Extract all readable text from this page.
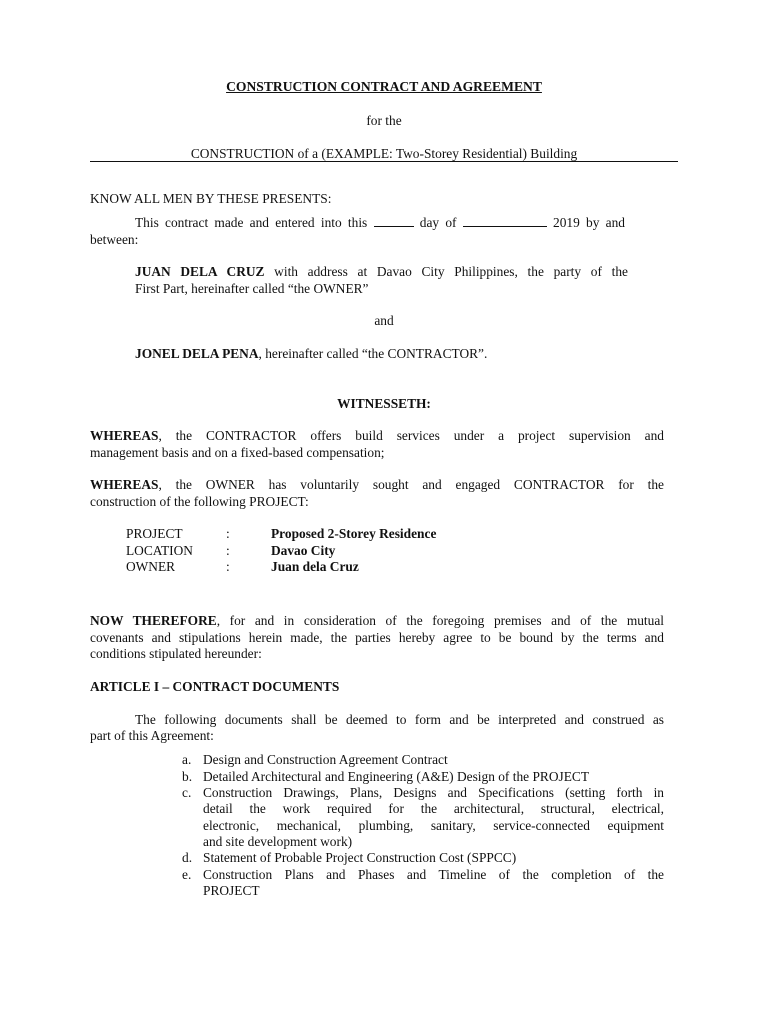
CONSTRUCTION CONTRACT AND AGREEMENT
for the
CONSTRUCTION of a (EXAMPLE: Two-Storey Residential) Building
KNOW ALL MEN BY THESE PRESENTS:
This contract made and entered into this	day of	2019 by and
between:
JUAN DELA CRUZ with address at Davao City Philippines, the party of the
First Part, hereinafter called “the OWNER”
and
JONEL DELA PENA, hereinafter called “the CONTRACTOR”.
WITNESSETH:
WHEREAS, the CONTRACTOR offers build services under a project supervision and
management basis and on a fixed-based compensation;
WHEREAS, the OWNER has voluntarily sought and engaged CONTRACTOR for the
construction of the following PROJECT:
PROJECT	:	Proposed 2-Storey Residence
LOCATION :	Davao City
OWNER	:	Juan dela Cruz
NOW THEREFORE, for and in consideration of the foregoing premises and of the mutual
covenants and stipulations herein made, the parties hereby agree to be bound by the terms and
conditions stipulated hereunder:
ARTICLE I – CONTRACT DOCUMENTS
The following documents shall be deemed to form and be interpreted and construed as
part of this Agreement:
a. Design and Construction Agreement Contract
b. Detailed Architectural and Engineering (A&E) Design of the PROJECT
c. Construction Drawings, Plans, Designs and Specifications (setting forth in
detail the work required for the architectural, structural, electrical,
electronic, mechanical, plumbing, sanitary, service-connected equipment
and site development work)
d. Statement of Probable Project Construction Cost (SPPCC)
e. Construction Plans and Phases and Timeline of the completion of the
PROJECT
